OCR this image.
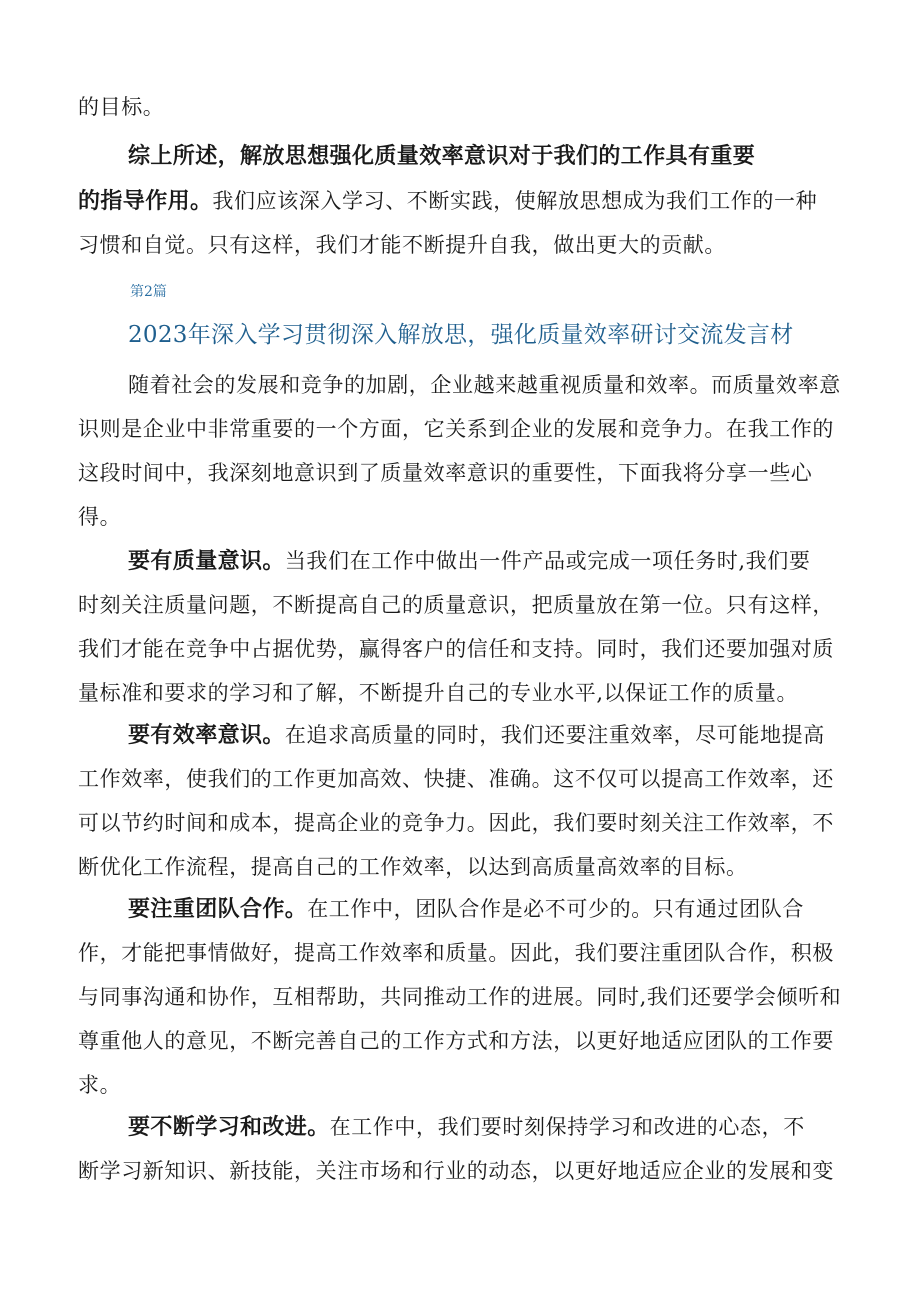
的目标。
综上所述，解放思想强化质量效率意识对于我们的工作具有重要
的指导作用。我们应该深入学习、不断实践，使解放思想成为我们工作的一种
习惯和自觉。只有这样，我们才能不断提升自我，做出更大的贡献。
第2篇
2023年深入学习贯彻深入解放思，强化质量效率研讨交流发言材
随着社会的发展和竞争的加剧，企业越来越重视质量和效率。而质量效率意
识则是企业中非常重要的一个方面，它关系到企业的发展和竞争力。在我工作的
这段时间中，我深刻地意识到了质量效率意识的重要性，下面我将分享一些心
得。
要有质量意识。当我们在工作中做出一件产品或完成一项任务时,我们要
时刻关注质量问题，不断提高自己的质量意识，把质量放在第一位。只有这样，
我们才能在竞争中占据优势，赢得客户的信任和支持。同时，我们还要加强对质
量标准和要求的学习和了解，不断提升自己的专业水平,以保证工作的质量。
要有效率意识。在追求高质量的同时，我们还要注重效率，尽可能地提高
工作效率，使我们的工作更加高效、快捷、准确。这不仅可以提高工作效率，还
可以节约时间和成本，提高企业的竞争力。因此，我们要时刻关注工作效率，不
断优化工作流程，提高自己的工作效率，以达到高质量高效率的目标。
要注重团队合作。在工作中，团队合作是必不可少的。只有通过团队合
作，才能把事情做好，提高工作效率和质量。因此，我们要注重团队合作，积极
与同事沟通和协作，互相帮助，共同推动工作的进展。同时,我们还要学会倾听和
尊重他人的意见，不断完善自己的工作方式和方法，以更好地适应团队的工作要
求。
要不断学习和改进。在工作中，我们要时刻保持学习和改进的心态，不
断学习新知识、新技能，关注市场和行业的动态，以更好地适应企业的发展和变
